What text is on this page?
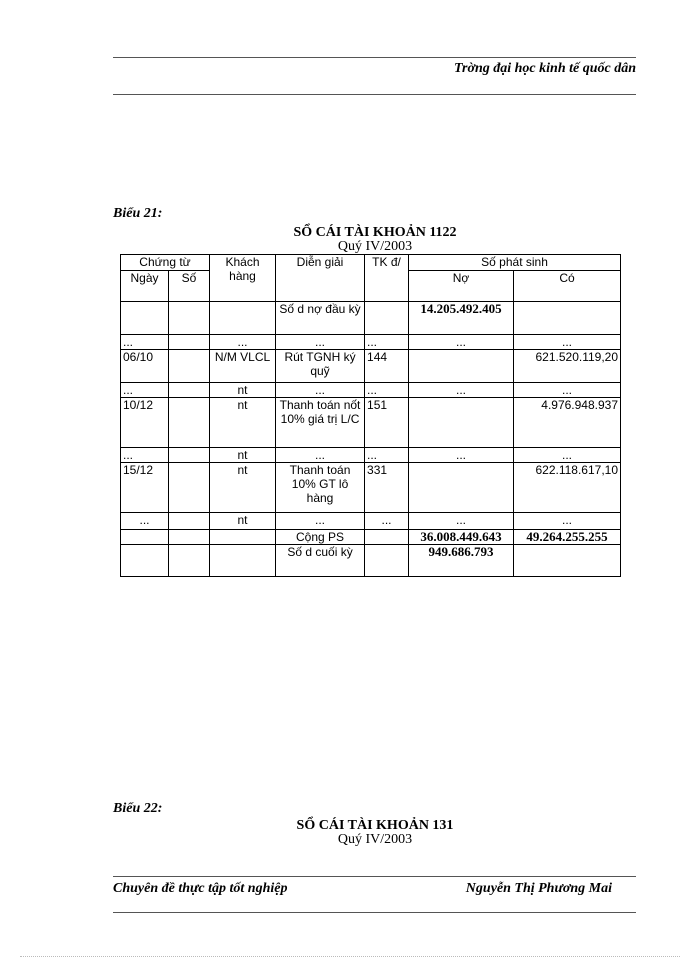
Trờng đại học kinh tế quốc dân
Biểu 21:
SỔ CÁI TÀI KHOẢN 1122
Quý IV/2003
Chứng từ		Khách hàng	Diễn giải	TK đ/	Số phát sinh	
Ngày	Số				Nợ	Có
			Số d nợ đầu kỳ		14.205.492.405	
...		...	...	...	...	...
06/10		N/M VLCL	Rút TGNH ký quỹ	144		621.520.119,20
...		nt	...	...	...	...
10/12		nt	Thanh toán nốt 10% giá trị L/C	151		4.976.948.937
...		nt	...	...	...	...
15/12		nt	Thanh toán 10% GT lô hàng	331		622.118.617,10
...		nt	...	...	...	...
			Cộng PS		36.008.449.643	49.264.255.255
			Số d cuối kỳ		949.686.793	
Biểu 22:
SỔ CÁI TÀI KHOẢN 131
Quý IV/2003
Chuyên đề thực tập tốt nghiệp	Nguyễn Thị Phương Mai
